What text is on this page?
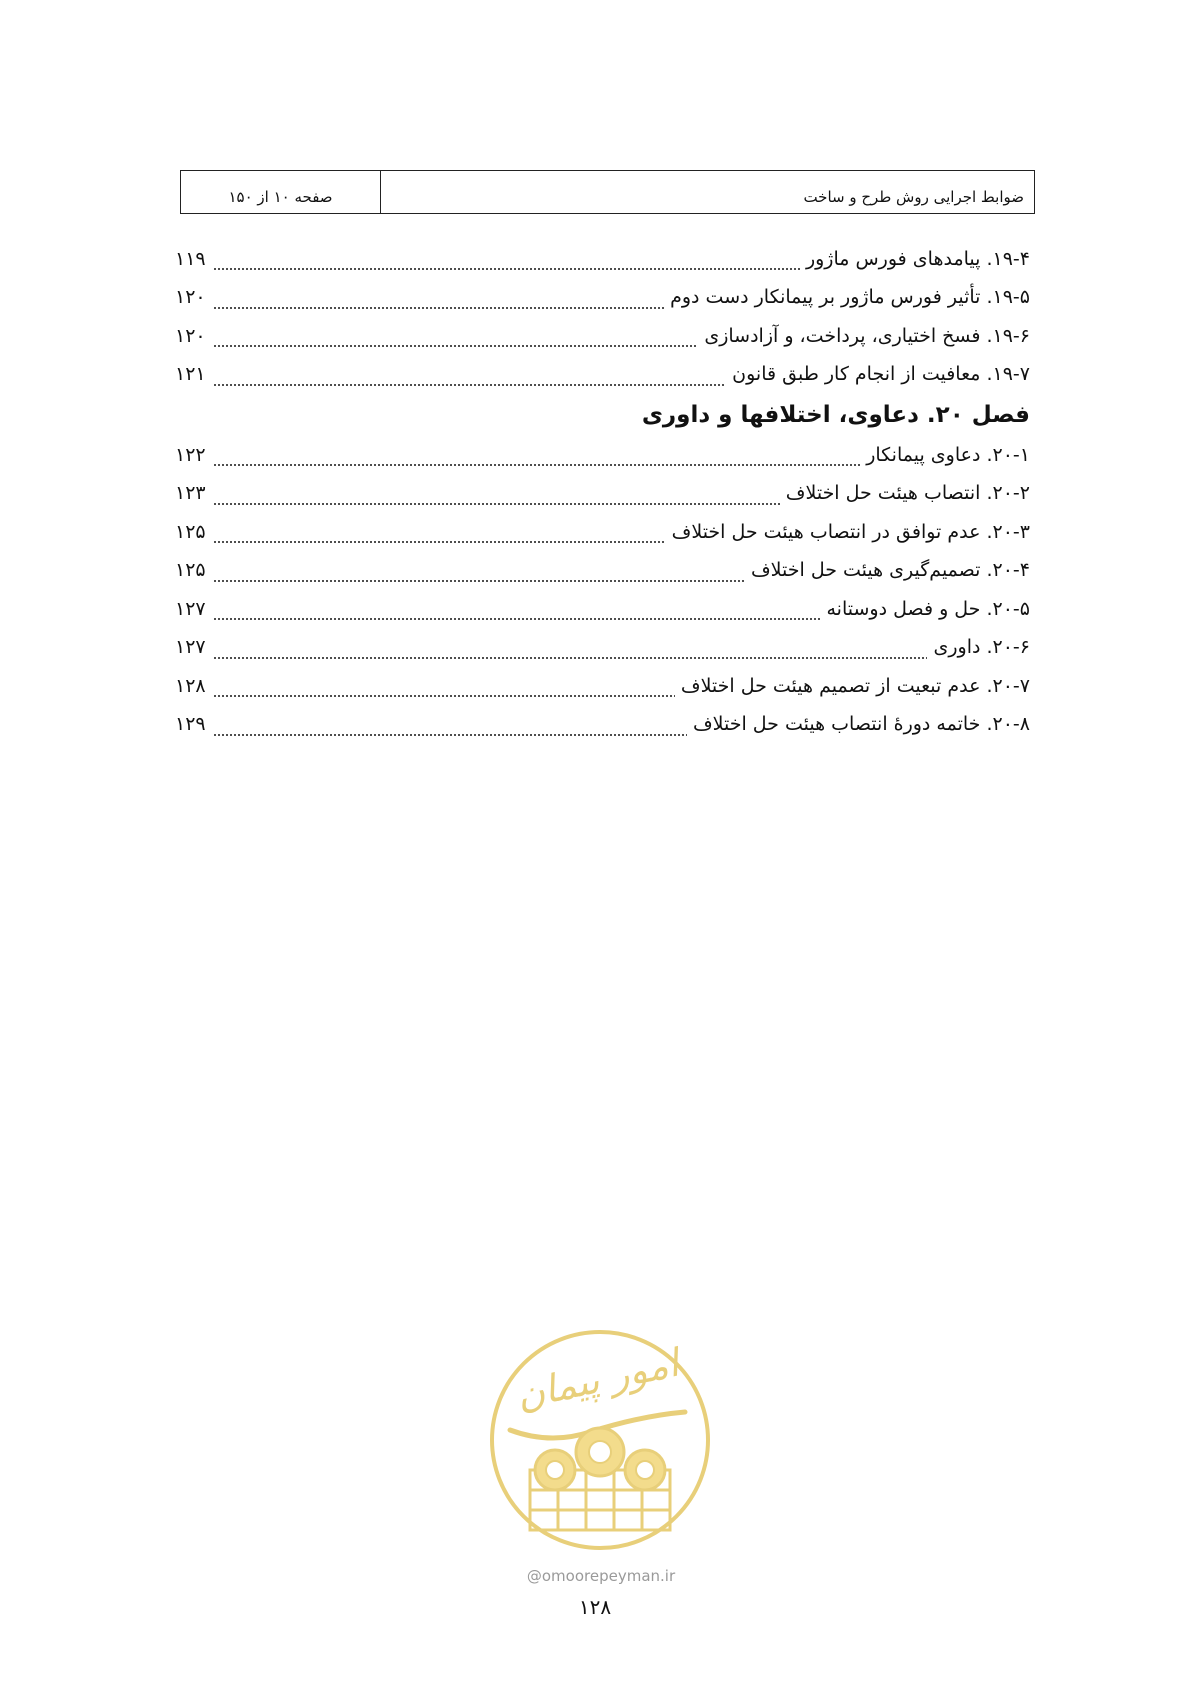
صفحه ۱۰ از ۱۵۰	ضوابط اجرایی روش طرح و ساخت
۱۹-۴. پیامدهای فورس ماژور
۱۱۹
۱۹-۵. تأثیر فورس ماژور بر پیمانکار دست دوم
۱۲۰
۱۹-۶. فسخ اختیاری، پرداخت، و آزادسازی
۱۲۰
۱۹-۷. معافیت از انجام کار طبق قانون
۱۲۱
فصل ۲۰. دعاوی، اختلافها و داوری
۲۰-۱. دعاوی پیمانکار
۱۲۲
۲۰-۲. انتصاب هیئت حل اختلاف
۱۲۳
۲۰-۳. عدم توافق در انتصاب هیئت حل اختلاف
۱۲۵
۲۰-۴. تصمیم‌گیری هیئت حل اختلاف
۱۲۵
۲۰-۵. حل و فصل دوستانه
۱۲۷
۲۰-۶. داوری
۱۲۷
۲۰-۷. عدم تبعیت از تصمیم هیئت حل اختلاف
۱۲۸
۲۰-۸. خاتمه دورهٔ انتصاب هیئت حل اختلاف
۱۲۹
امور پیمان
@omoorepeyman.ir
۱۲۸
